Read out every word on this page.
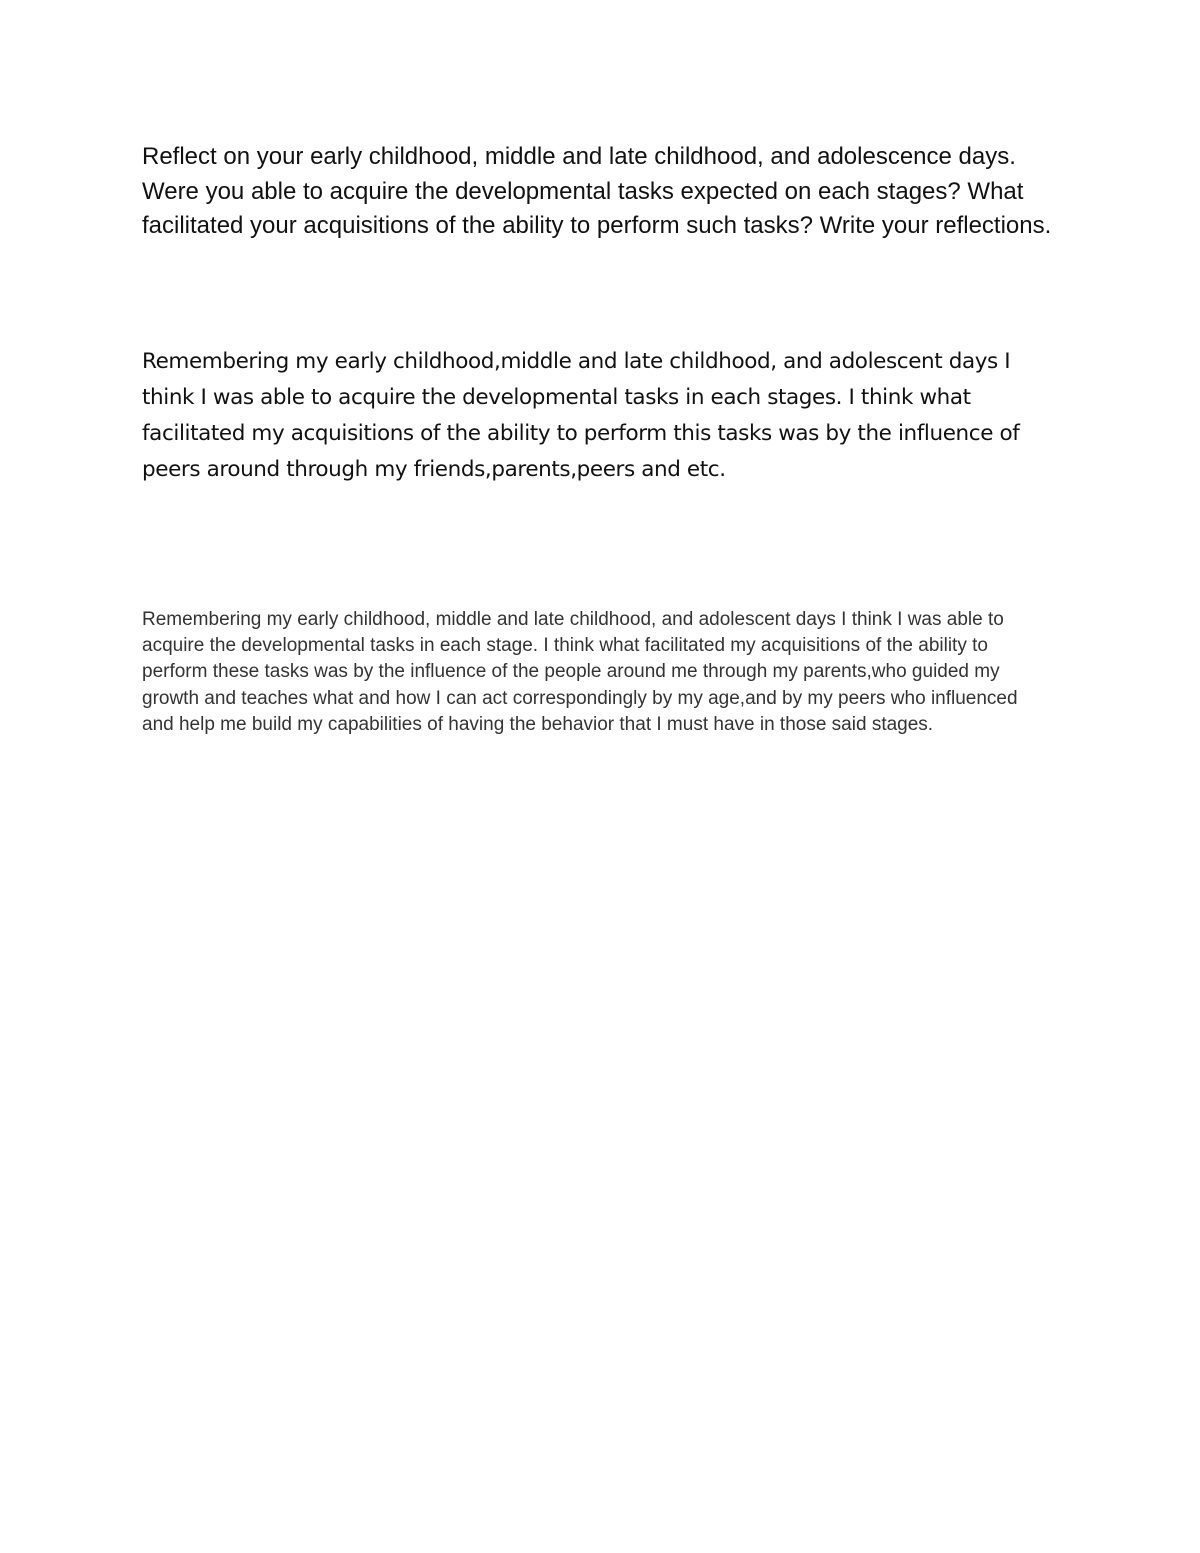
Reflect on your early childhood, middle and late childhood, and adolescence days. Were you able to acquire the developmental tasks expected on each stages? What facilitated your acquisitions of the ability to perform such tasks? Write your reflections.

Remembering my early childhood,middle and late childhood, and adolescent days I think I was able to acquire the developmental tasks in each stages. I think what facilitated my acquisitions of the ability to perform this tasks was by the influence of peers around through my friends,parents,peers and etc.

Remembering my early childhood, middle and late childhood, and adolescent days I think I was able to acquire the developmental tasks in each stage. I think what facilitated my acquisitions of the ability to perform these tasks was by the influence of the people around me through my parents,who guided my growth and teaches what and how I can act correspondingly by my age,and by my peers who influenced and help me build my capabilities of having the behavior that I must have in those said stages.
